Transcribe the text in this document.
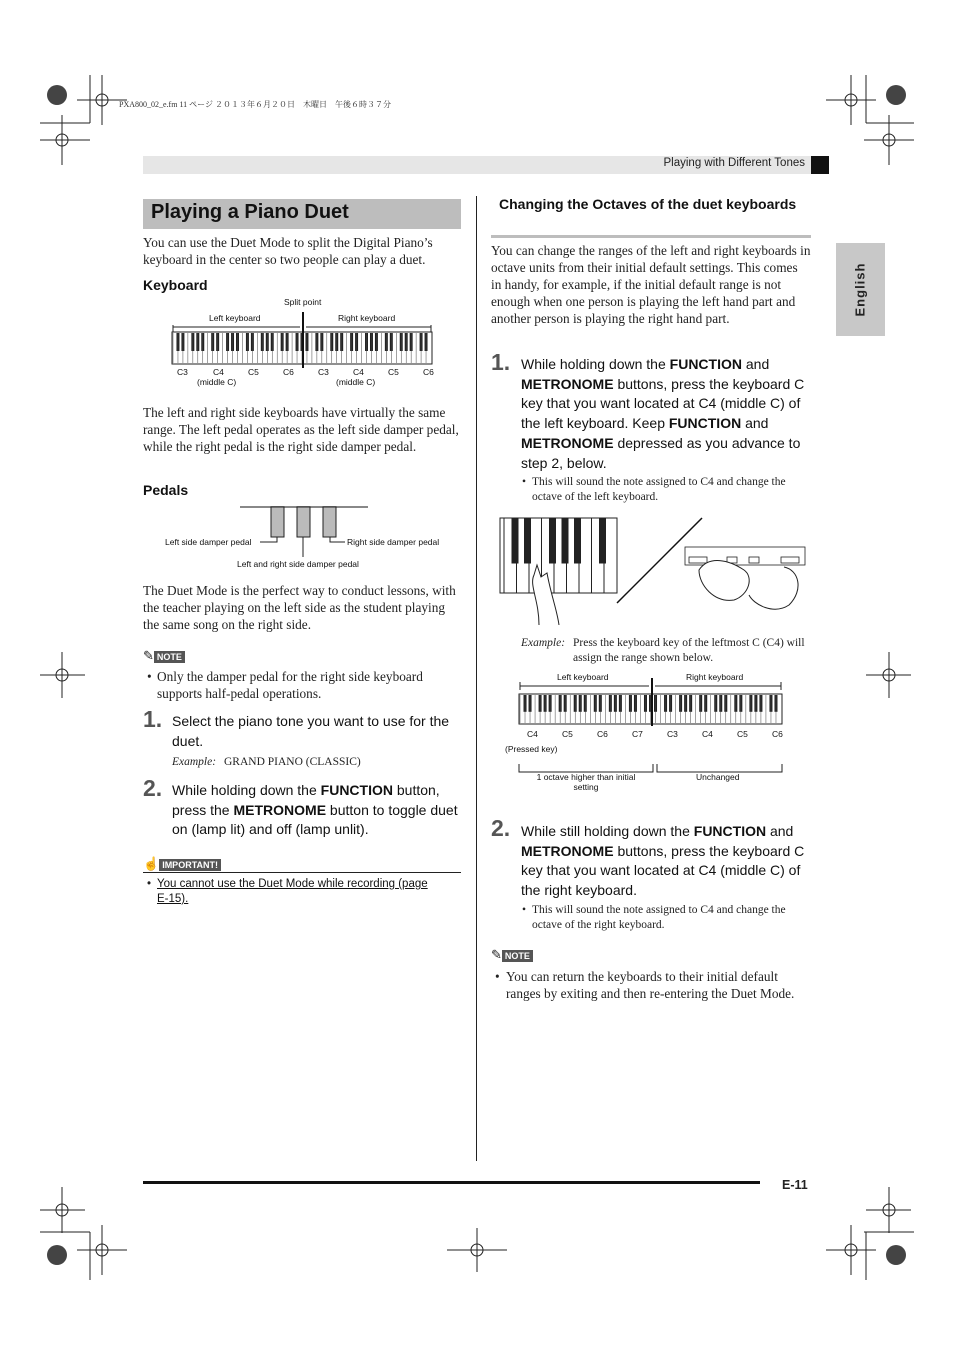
PXA800_02_e.fm 11 ページ ２０１３年６月２０日　木曜日　午後６時３７分
Playing with Different Tones
English
Playing a Piano Duet
You can use the Duet Mode to split the Digital Piano’s keyboard in the center so two people can play a duet.
Keyboard
Split point
Left keyboard	Right keyboard
C3	C4	C5	C6	C3	C4	C5	C6
(middle C)	(middle C)
The left and right side keyboards have virtually the same range. The left pedal operates as the left side damper pedal, while the right pedal is the right side damper pedal.
Pedals
Left side damper pedal	Right side damper pedal
Left and right side damper pedal
The Duet Mode is the perfect way to conduct lessons, with the teacher playing on the left side as the student playing the same song on the right side.
✎ NOTE
• Only the damper pedal for the right side keyboard supports half-pedal operations.
1. Select the piano tone you want to use for the duet.
Example: GRAND PIANO (CLASSIC)
2. While holding down the FUNCTION button, press the METRONOME button to toggle duet on (lamp lit) and off (lamp unlit).
☝ IMPORTANT!
• You cannot use the Duet Mode while recording (page E-15).
Changing the Octaves of the duet keyboards
You can change the ranges of the left and right keyboards in octave units from their initial default settings. This comes in handy, for example, if the initial default range is not enough when one person is playing the left hand part and another person is playing the right hand part.
1. While holding down the FUNCTION and METRONOME buttons, press the keyboard C key that you want located at C4 (middle C) of the left keyboard. Keep FUNCTION and METRONOME depressed as you advance to step 2, below.
• This will sound the note assigned to C4 and change the octave of the left keyboard.
Example: Press the keyboard key of the leftmost C (C4) will assign the range shown below.
Left keyboard	Right keyboard
C4	C5	C6	C7	C3	C4	C5	C6
(Pressed key)
1 octave higher than initial setting
Unchanged
2. While still holding down the FUNCTION and METRONOME buttons, press the keyboard C key that you want located at C4 (middle C) of the right keyboard.
• This will sound the note assigned to C4 and change the octave of the right keyboard.
✎ NOTE
• You can return the keyboards to their initial default ranges by exiting and then re-entering the Duet Mode.
E-11
